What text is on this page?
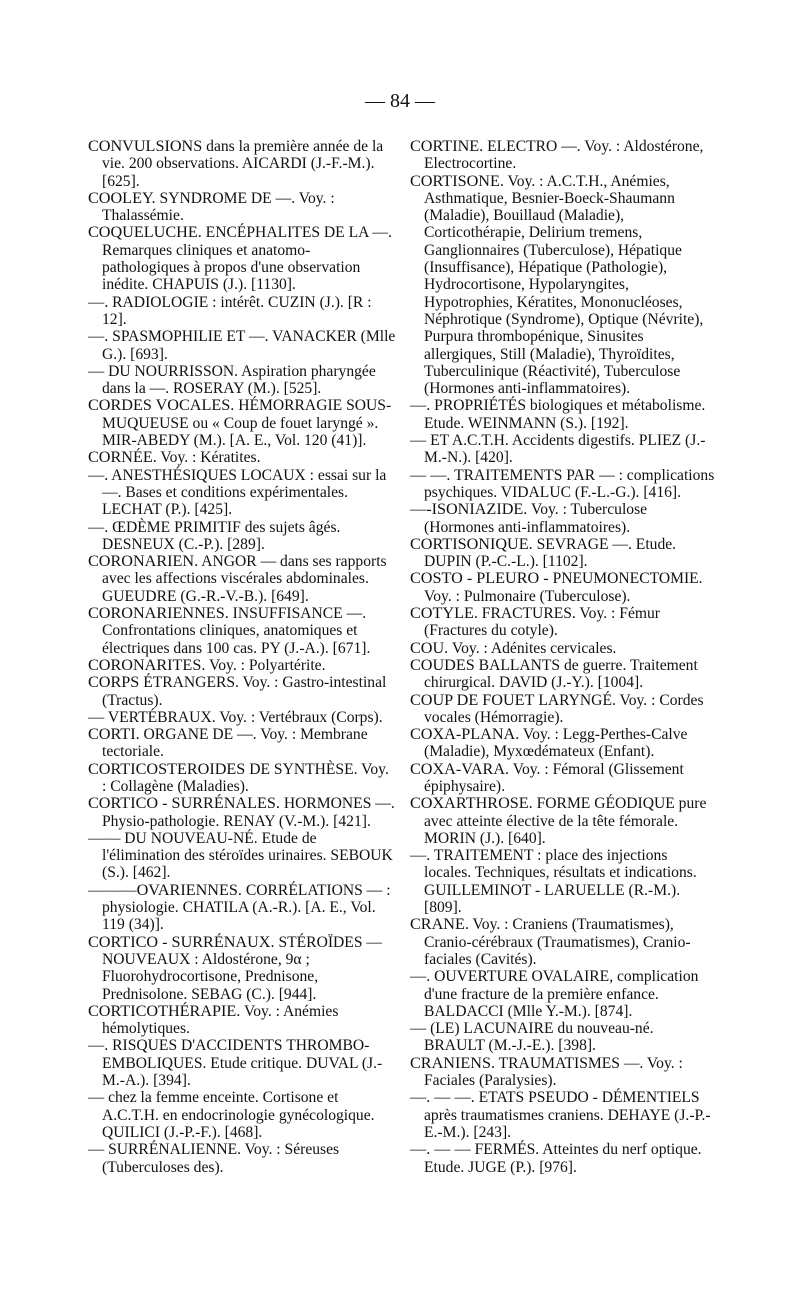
— 84 —

CONVULSIONS dans la première année de la vie. 200 observations. AICARDI (J.-F.-M.). [625].

COOLEY. SYNDROME DE —. Voy. : Thalassémie.

COQUELUCHE. ENCÉPHALITES DE LA —. Remarques cliniques et anatomo-pathologiques à propos d'une observation inédite. CHAPUIS (J.). [1130].

—. RADIOLOGIE : intérêt. CUZIN (J.). [R : 12].

—. SPASMOPHILIE ET —. VANACKER (Mlle G.). [693].

— DU NOURRISSON. Aspiration pharyngée dans la —. ROSERAY (M.). [525].

CORDES VOCALES. HÉMORRAGIE SOUS-MUQUEUSE ou « Coup de fouet laryngé ». MIR-ABEDY (M.). [A. E., Vol. 120 (41)].

CORNÉE. Voy. : Kératites.

—. ANESTHÉSIQUES LOCAUX : essai sur la —. Bases et conditions expérimentales. LECHAT (P.). [425].

—. ŒDÈME PRIMITIF des sujets âgés. DESNEUX (C.-P.). [289].

CORONARIEN. ANGOR — dans ses rapports avec les affections viscérales abdominales. GUEUDRE (G.-R.-V.-B.). [649].

CORONARIENNES. INSUFFISANCE —. Confrontations cliniques, anatomiques et électriques dans 100 cas. PY (J.-A.). [671].

CORONARITES. Voy. : Polyartérite.

CORPS ÉTRANGERS. Voy. : Gastro-intestinal (Tractus).

— VERTÉBRAUX. Voy. : Vertébraux (Corps).

CORTI. ORGANE DE —. Voy. : Membrane tectoriale.

CORTICOSTEROIDES DE SYNTHÈSE. Voy. : Collagène (Maladies).

CORTICO - SURRÉNALES. HORMONES —. Physio-pathologie. RENAY (V.-M.). [421].

—— DU NOUVEAU-NÉ. Etude de l'élimination des stéroïdes urinaires. SEBOUK (S.). [462].

———OVARIENNES. CORRÉLATIONS — : physiologie. CHATILA (A.-R.). [A. E., Vol. 119 (34)].

CORTICO - SURRÉNAUX. STÉROÏDES — NOUVEAUX : Aldostérone, 9α ; Fluorohydrocortisone, Prednisone, Prednisolone. SEBAG (C.). [944].

CORTICOTHÉRAPIE. Voy. : Anémies hémolytiques.

—. RISQUES D'ACCIDENTS THROMBO-EMBOLIQUES. Etude critique. DUVAL (J.-M.-A.). [394].

— chez la femme enceinte. Cortisone et A.C.T.H. en endocrinologie gynécologique. QUILICI (J.-P.-F.). [468].

— SURRÉNALIENNE. Voy. : Séreuses (Tuberculoses des).

CORTINE. ELECTRO —. Voy. : Aldostérone, Electrocortine.

CORTISONE. Voy. : A.C.T.H., Anémies, Asthmatique, Besnier-Boeck-Shaumann (Maladie), Bouillaud (Maladie), Corticothérapie, Delirium tremens, Ganglionnaires (Tuberculose), Hépatique (Insuffisance), Hépatique (Pathologie), Hydrocortisone, Hypolaryngites, Hypotrophies, Kératites, Mononucléoses, Néphrotique (Syndrome), Optique (Névrite), Purpura thrombopénique, Sinusites allergiques, Still (Maladie), Thyroïdites, Tuberculinique (Réactivité), Tuberculose (Hormones anti-inflammatoires).

—. PROPRIÉTÉS biologiques et métabolisme. Etude. WEINMANN (S.). [192].

— ET A.C.T.H. Accidents digestifs. PLIEZ (J.-M.-N.). [420].

— —. TRAITEMENTS PAR — : complications psychiques. VIDALUC (F.-L.-G.). [416].

—-ISONIAZIDE. Voy. : Tuberculose (Hormones anti-inflammatoires).

CORTISONIQUE. SEVRAGE —. Etude. DUPIN (P.-C.-L.). [1102].

COSTO - PLEURO - PNEUMONECTOMIE. Voy. : Pulmonaire (Tuberculose).

COTYLE. FRACTURES. Voy. : Fémur (Fractures du cotyle).

COU. Voy. : Adénites cervicales.

COUDES BALLANTS de guerre. Traitement chirurgical. DAVID (J.-Y.). [1004].

COUP DE FOUET LARYNGÉ. Voy. : Cordes vocales (Hémorragie).

COXA-PLANA. Voy. : Legg-Perthes-Calve (Maladie), Myxœdémateux (Enfant).

COXA-VARA. Voy. : Fémoral (Glissement épiphysaire).

COXARTHROSE. FORME GÉODIQUE pure avec atteinte élective de la tête fémorale. MORIN (J.). [640].

—. TRAITEMENT : place des injections locales. Techniques, résultats et indications. GUILLEMINOT - LARUELLE (R.-M.). [809].

CRANE. Voy. : Craniens (Traumatismes), Cranio-cérébraux (Traumatismes), Cranio-faciales (Cavités).

—. OUVERTURE OVALAIRE, complication d'une fracture de la première enfance. BALDACCI (Mlle Y.-M.). [874].

— (LE) LACUNAIRE du nouveau-né. BRAULT (M.-J.-E.). [398].

CRANIENS. TRAUMATISMES —. Voy. : Faciales (Paralysies).

—. — —. ETATS PSEUDO - DÉMENTIELS après traumatismes craniens. DEHAYE (J.-P.-E.-M.). [243].

—. — — FERMÉS. Atteintes du nerf optique. Etude. JUGE (P.). [976].
